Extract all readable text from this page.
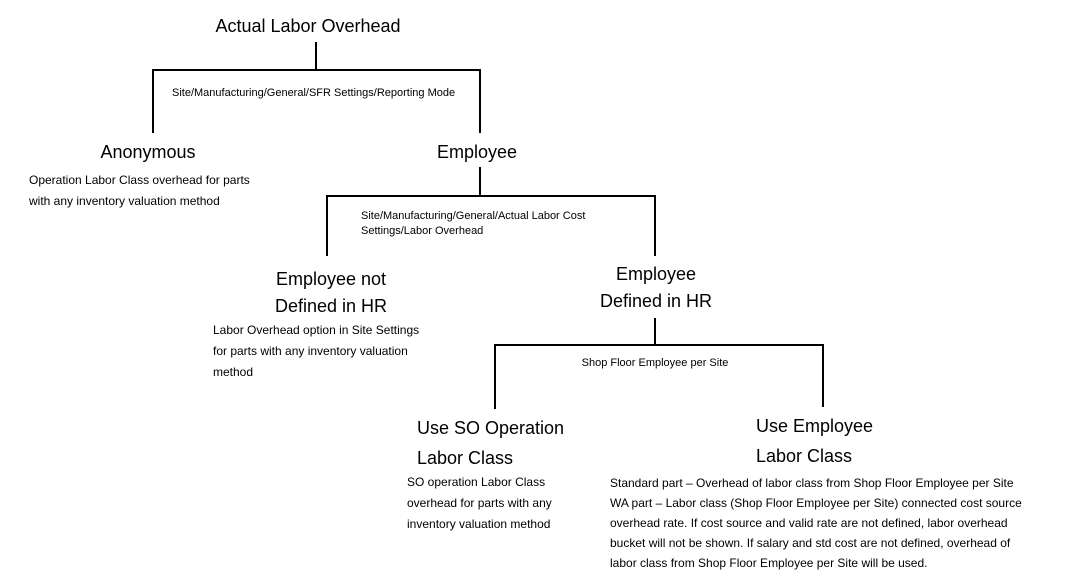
Actual Labor Overhead
Site/Manufacturing/General/SFR Settings/Reporting Mode
Anonymous
Operation Labor Class overhead for parts
with any inventory valuation method
Employee
Site/Manufacturing/General/Actual Labor Cost
Settings/Labor Overhead
Employee not
Defined in HR
Labor Overhead option in Site Settings
for parts with any inventory valuation
method
Employee
Defined in HR
Shop Floor Employee per Site
Use SO Operation
Labor Class
SO operation Labor Class
overhead for parts with any
inventory valuation method
Use Employee
Labor Class
Standard part – Overhead of labor class from Shop Floor Employee per Site
WA part – Labor class (Shop Floor Employee per Site) connected cost source
overhead rate. If cost source and valid rate are not defined, labor overhead
bucket will not be shown. If salary and std cost are not defined, overhead of
labor class from Shop Floor Employee per Site will be used.
